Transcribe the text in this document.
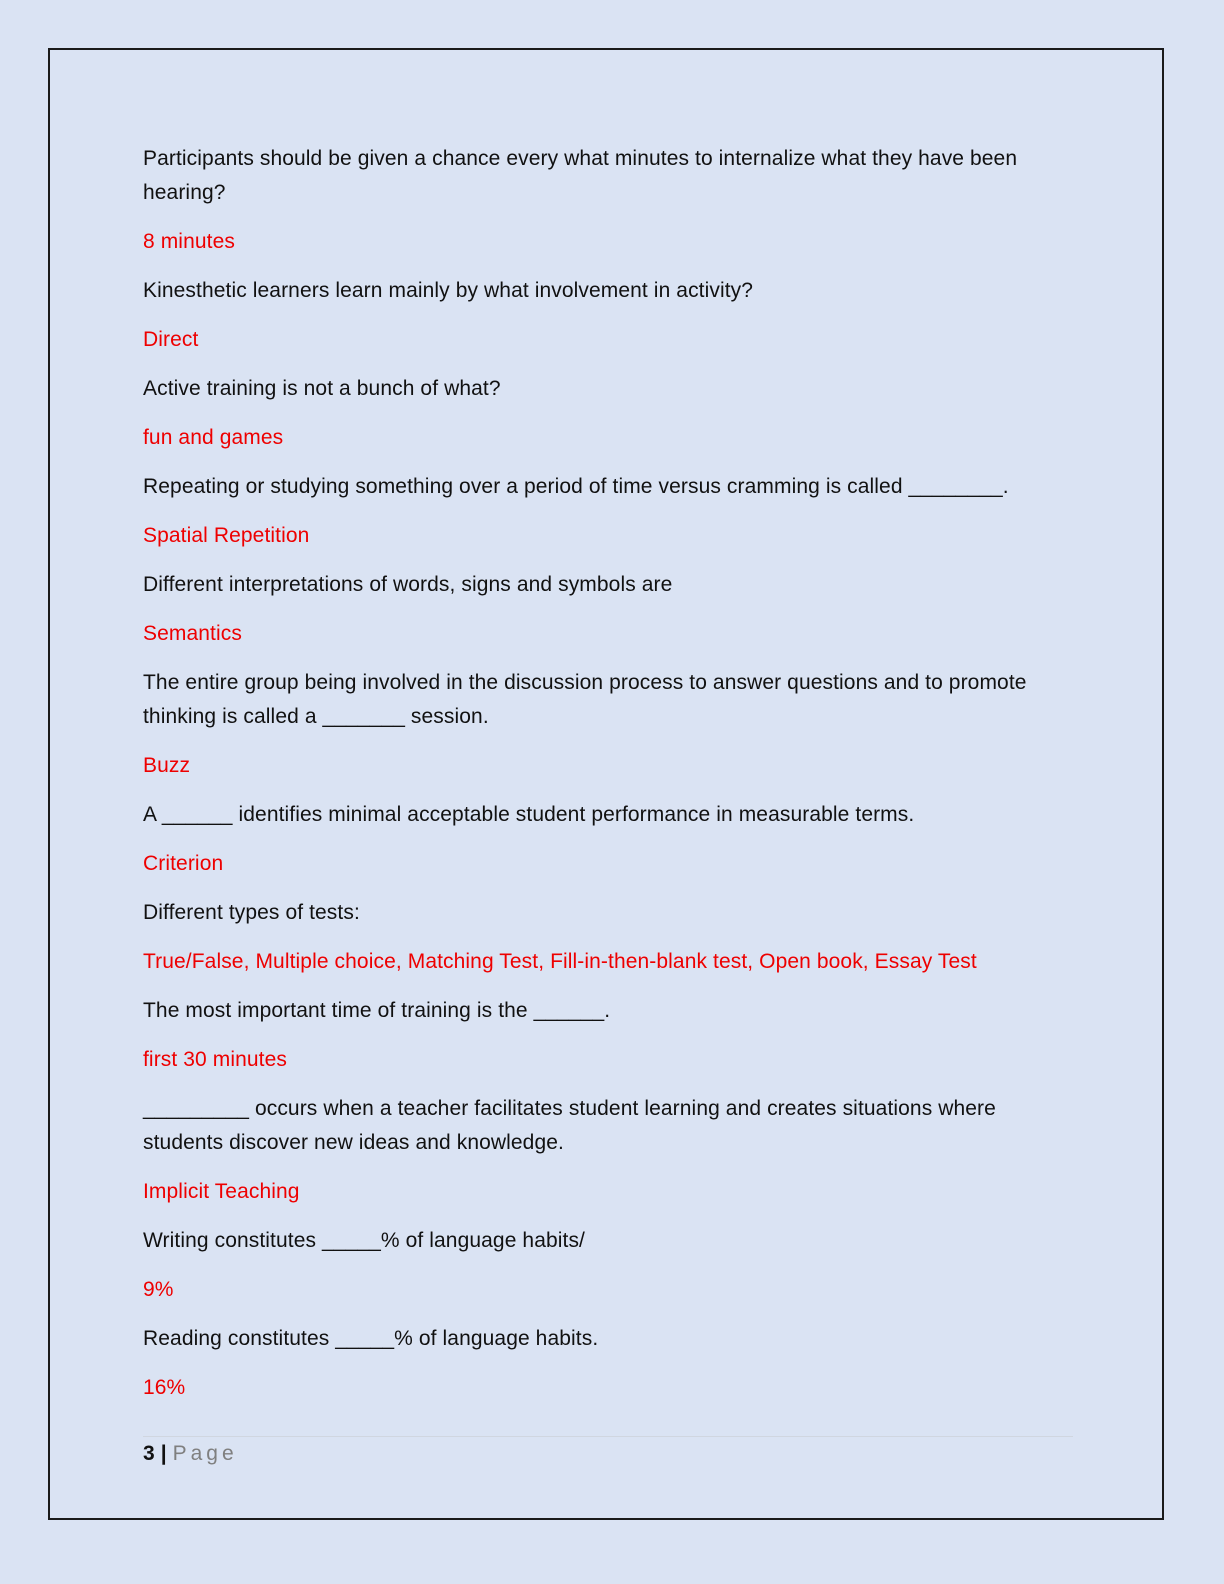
Participants should be given a chance every what minutes to internalize what they have been hearing?

8 minutes

Kinesthetic learners learn mainly by what involvement in activity?

Direct

Active training is not a bunch of what?

fun and games

Repeating or studying something over a period of time versus cramming is called ________.

Spatial Repetition

Different interpretations of words, signs and symbols are

Semantics

The entire group being involved in the discussion process to answer questions and to promote thinking is called a _______ session.

Buzz

A ______ identifies minimal acceptable student performance in measurable terms.

Criterion

Different types of tests:

True/False, Multiple choice, Matching Test, Fill-in-then-blank test, Open book, Essay Test

The most important time of training is the ______.

first 30 minutes

_________ occurs when a teacher facilitates student learning and creates situations where students discover new ideas and knowledge.

Implicit Teaching

Writing constitutes _____% of language habits/

9%

Reading constitutes _____% of language habits.

16%

3 | Page
